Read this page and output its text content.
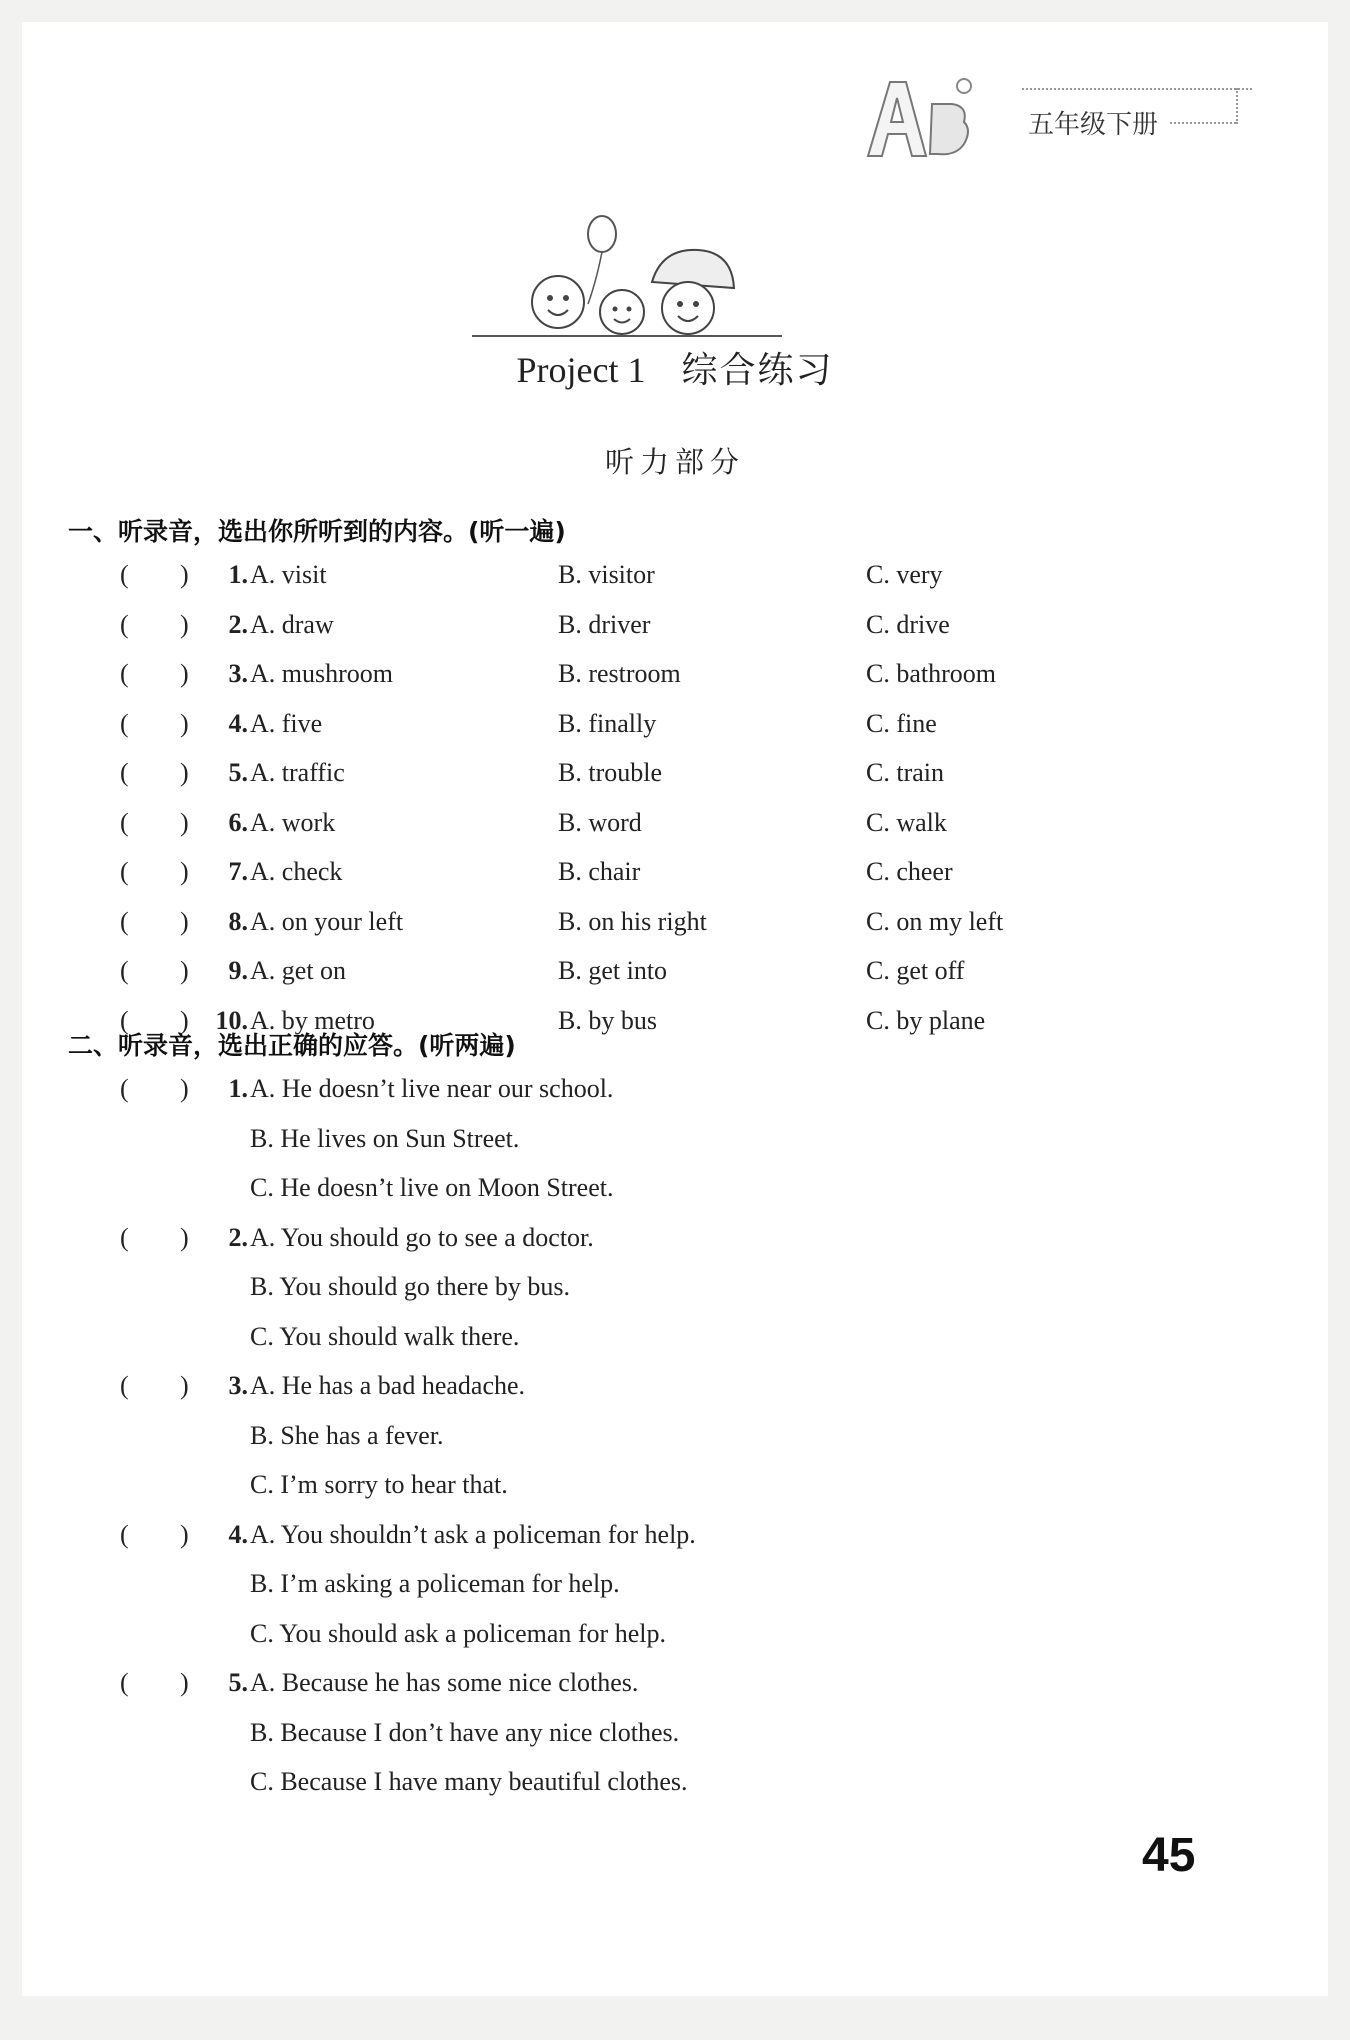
五年级下册
Project 1 综合练习
听力部分
一、听录音，选出你所听到的内容。(听一遍)
( )	1. A. visit	B. visitor	C. very
( )	2. A. draw	B. driver	C. drive
( )	3. A. mushroom	B. restroom	C. bathroom
( )	4. A. five	B. finally	C. fine
( )	5. A. traffic	B. trouble	C. train
( )	6. A. work	B. word	C. walk
( )	7. A. check	B. chair	C. cheer
( )	8. A. on your left	B. on his right	C. on my left
( )	9. A. get on	B. get into	C. get off
( )	10. A. by metro	B. by bus	C. by plane
二、听录音，选出正确的应答。(听两遍)
( )	1. A. He doesn’t live near our school.
B. He lives on Sun Street.
C. He doesn’t live on Moon Street.
( )	2. A. You should go to see a doctor.
B. You should go there by bus.
C. You should walk there.
( )	3. A. He has a bad headache.
B. She has a fever.
C. I’m sorry to hear that.
( )	4. A. You shouldn’t ask a policeman for help.
B. I’m asking a policeman for help.
C. You should ask a policeman for help.
( )	5. A. Because he has some nice clothes.
B. Because I don’t have any nice clothes.
C. Because I have many beautiful clothes.
45
